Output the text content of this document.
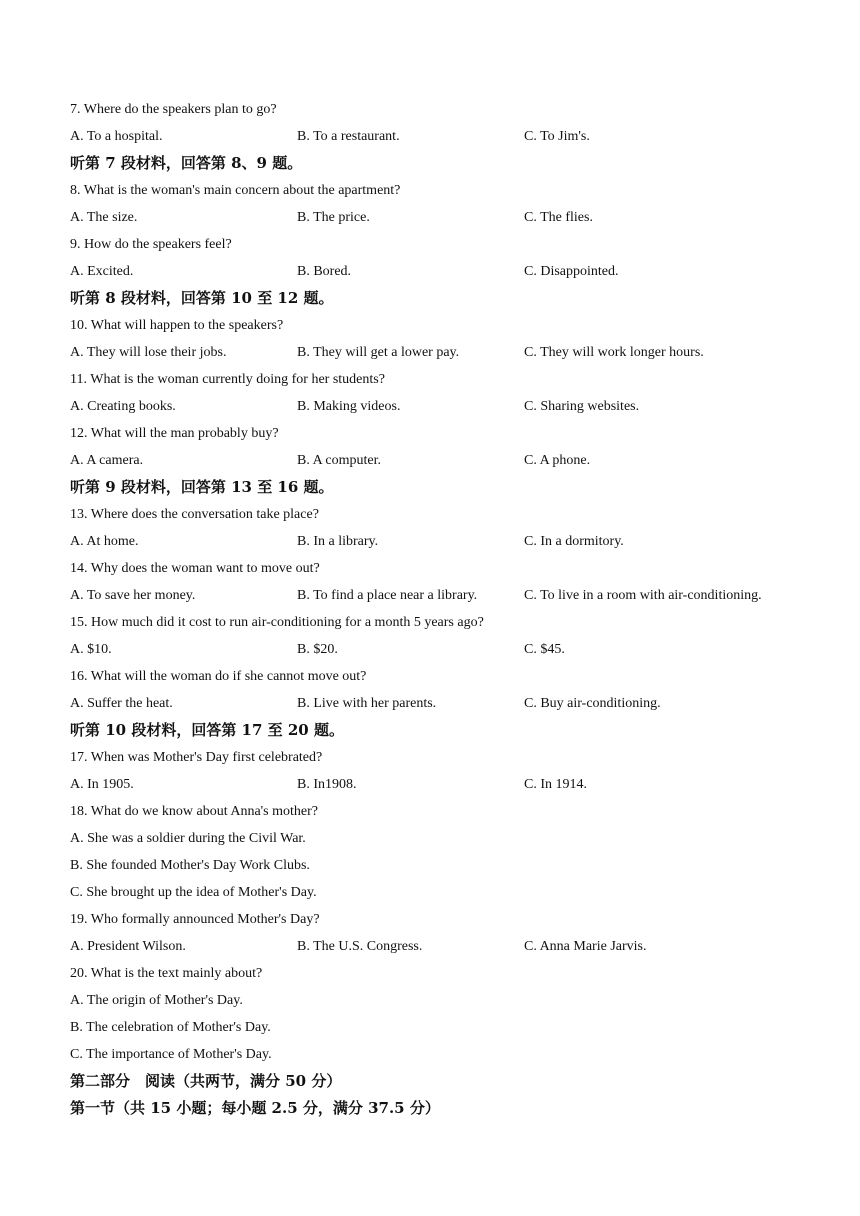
7. Where do the speakers plan to go?
A. To a hospital.	B. To a restaurant.	C. To Jim's.
听第 7 段材料，回答第 8、9 题。
8. What is the woman's main concern about the apartment?
A. The size.	B. The price.	C. The flies.
9. How do the speakers feel?
A. Excited.	B. Bored.	C. Disappointed.
听第 8 段材料，回答第 10 至 12 题。
10. What will happen to the speakers?
A. They will lose their jobs.	B. They will get a lower pay.	C. They will work longer hours.
11. What is the woman currently doing for her students?
A. Creating books.	B. Making videos.	C. Sharing websites.
12. What will the man probably buy?
A. A camera.	B. A computer.	C. A phone.
听第 9 段材料，回答第 13 至 16 题。
13. Where does the conversation take place?
A. At home.	B. In a library.	C. In a dormitory.
14. Why does the woman want to move out?
A. To save her money.	B. To find a place near a library.	C. To live in a room with air-conditioning.
15. How much did it cost to run air-conditioning for a month 5 years ago?
A. $10.	B. $20.	C. $45.
16. What will the woman do if she cannot move out?
A. Suffer the heat.	B. Live with her parents.	C. Buy air-conditioning.
听第 10 段材料，回答第 17 至 20 题。
17. When was Mother's Day first celebrated?
A. In 1905.	B. In1908.	C. In 1914.
18. What do we know about Anna's mother?
A. She was a soldier during the Civil War.
B. She founded Mother's Day Work Clubs.
C. She brought up the idea of Mother's Day.
19. Who formally announced Mother's Day?
A. President Wilson.	B. The U.S. Congress.	C. Anna Marie Jarvis.
20. What is the text mainly about?
A. The origin of Mother's Day.
B. The celebration of Mother's Day.
C. The importance of Mother's Day.
第二部分　阅读（共两节，满分 50 分）
第一节（共 15 小题；每小题 2.5 分，满分 37.5 分）
